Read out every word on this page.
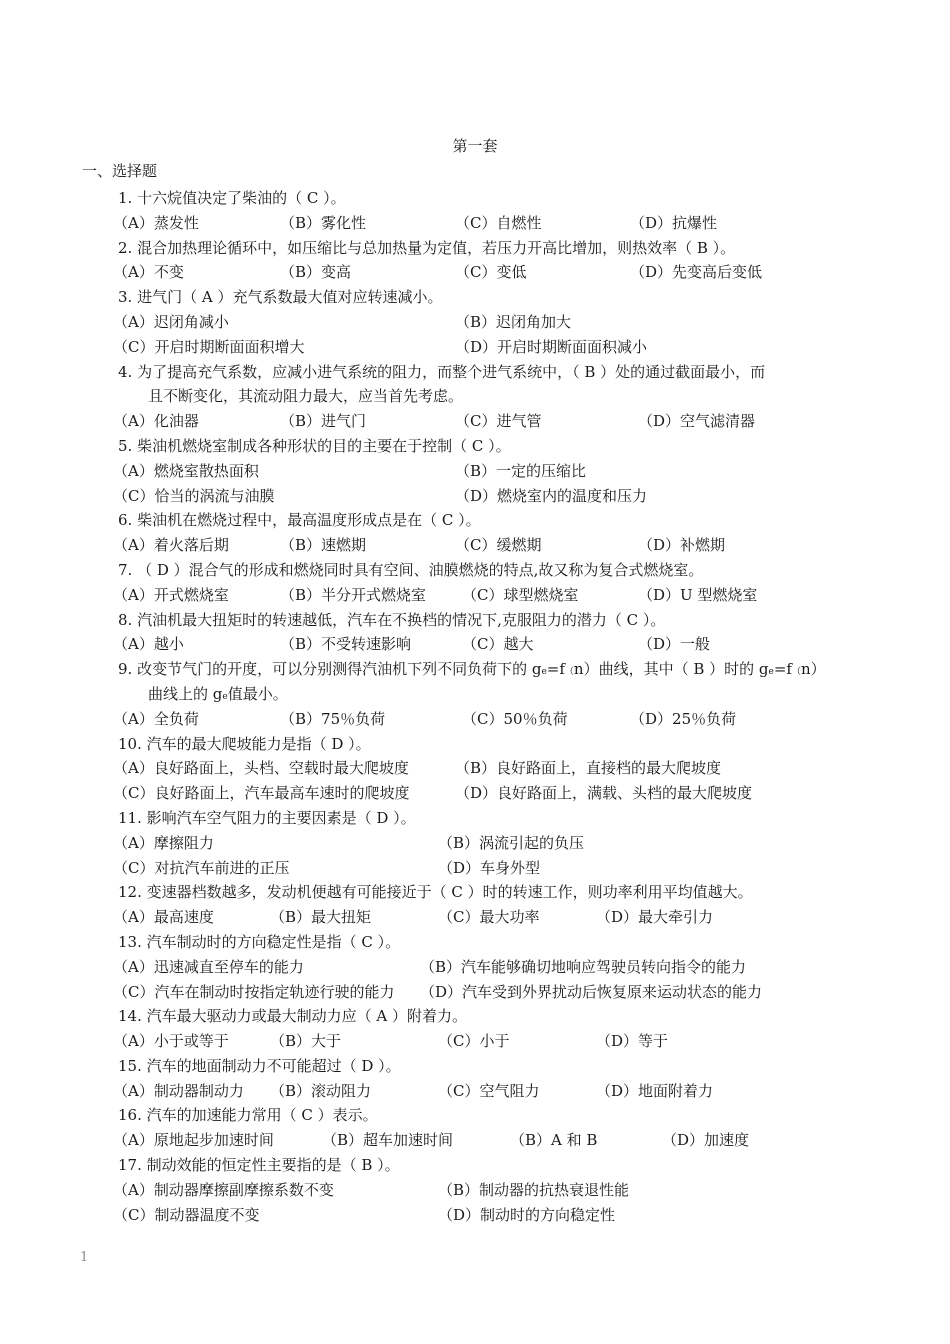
第一套
一、选择题
1. 十六烷值决定了柴油的（ C ）。
（A）蒸发性	（B）雾化性	（C）自燃性	（D）抗爆性
2. 混合加热理论循环中，如压缩比与总加热量为定值，若压力开高比增加，则热效率（ B ）。
（A）不变	（B）变高	（C）变低	（D）先变高后变低
3. 进气门（ A ）充气系数最大值对应转速减小。
（A）迟闭角减小	（B）迟闭角加大
（C）开启时期断面面积增大	（D）开启时期断面面积减小
4. 为了提高充气系数，应减小进气系统的阻力，而整个进气系统中，（ B ）处的通过截面最小，而
且不断变化，其流动阻力最大，应当首先考虑。
（A）化油器	（B）进气门	（C）进气管	（D）空气滤清器
5. 柴油机燃烧室制成各种形状的目的主要在于控制（ C ）。
（A）燃烧室散热面积	（B）一定的压缩比
（C）恰当的涡流与油膜	（D）燃烧室内的温度和压力
6. 柴油机在燃烧过程中，最高温度形成点是在（ C ）。
（A）着火落后期	（B）速燃期	（C）缓燃期	（D）补燃期
7. （ D ）混合气的形成和燃烧同时具有空间、油膜燃烧的特点,故又称为复合式燃烧室。
（A）开式燃烧室	（B）半分开式燃烧室 （C）球型燃烧室	（D）U 型燃烧室
8. 汽油机最大扭矩时的转速越低，汽车在不换档的情况下,克服阻力的潜力（ C ）。
（A）越小	（B）不受转速影响	（C）越大	（D）一般
9. 改变节气门的开度，可以分别测得汽油机下列不同负荷下的 ge=f（n）曲线，其中（ B ）时的 ge=f（n）
曲线上的 ge值最小。
（A）全负荷	（B）75％负荷	（C）50％负荷	（D）25％负荷
10. 汽车的最大爬坡能力是指（ D ）。
（A）良好路面上，头档、空载时最大爬坡度	（B）良好路面上，直接档的最大爬坡度
（C）良好路面上，汽车最高车速时的爬坡度	（D）良好路面上，满载、头档的最大爬坡度
11. 影响汽车空气阻力的主要因素是（ D ）。
（A）摩擦阻力	（B）涡流引起的负压
（C）对抗汽车前进的正压	（D）车身外型
12. 变速器档数越多，发动机便越有可能接近于（ C ）时的转速工作，则功率利用平均值越大。
（A）最高速度	（B）最大扭矩	（C）最大功率	（D）最大牵引力
13. 汽车制动时的方向稳定性是指（ C ）。
（A）迅速减直至停车的能力	（B）汽车能够确切地响应驾驶员转向指令的能力
（C）汽车在制动时按指定轨迹行驶的能力 （D）汽车受到外界扰动后恢复原来运动状态的能力
14. 汽车最大驱动力或最大制动力应（ A ）附着力。
（A）小于或等于	（B）大于	（C）小于	（D）等于
15. 汽车的地面制动力不可能超过（ D ）。
（A）制动器制动力 （B）滚动阻力	（C）空气阻力	（D）地面附着力
16. 汽车的加速能力常用（ C ）表示。
（A）原地起步加速时间	（B）超车加速时间	（B）A 和 B	（D）加速度
17. 制动效能的恒定性主要指的是（ B ）。
（A）制动器摩擦副摩擦系数不变	（B）制动器的抗热衰退性能
（C）制动器温度不变	（D）制动时的方向稳定性
1
